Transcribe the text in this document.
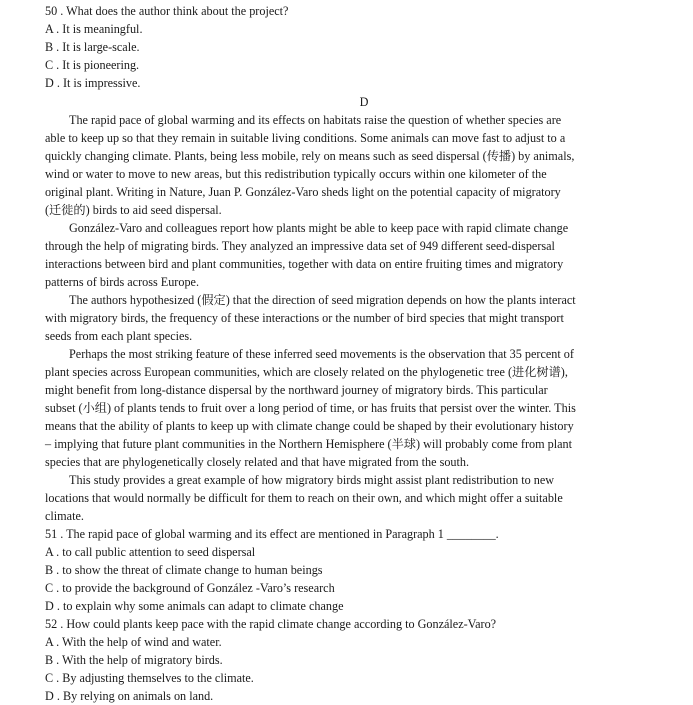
50 . What does the author think about the project?
A . It is meaningful.
B . It is large-scale.
C . It is pioneering.
D . It is impressive.
D

The rapid pace of global warming and its effects on habitats raise the question of whether species are
able to keep up so that they remain in suitable living conditions. Some animals can move fast to adjust to a
quickly changing climate. Plants, being less mobile, rely on means such as seed dispersal (传播) by animals,
wind or water to move to new areas, but this redistribution typically occurs within one kilometer of the
original plant. Writing in Nature, Juan P. González-Varo sheds light on the potential capacity of migratory
(迁徙的) birds to aid seed dispersal.

González-Varo and colleagues report how plants might be able to keep pace with rapid climate change
through the help of migrating birds. They analyzed an impressive data set of 949 different seed-dispersal
interactions between bird and plant communities, together with data on entire fruiting times and migratory
patterns of birds across Europe.

The authors hypothesized (假定) that the direction of seed migration depends on how the plants interact
with migratory birds, the frequency of these interactions or the number of bird species that might transport
seeds from each plant species.

Perhaps the most striking feature of these inferred seed movements is the observation that 35 percent of
plant species across European communities, which are closely related on the phylogenetic tree (进化树谱),
might benefit from long-distance dispersal by the northward journey of migratory birds. This particular
subset (小组) of plants tends to fruit over a long period of time, or has fruits that persist over the winter. This
means that the ability of plants to keep up with climate change could be shaped by their evolutionary history
– implying that future plant communities in the Northern Hemisphere (半球) will probably come from plant
species that are phylogenetically closely related and that have migrated from the south.

This study provides a great example of how migratory birds might assist plant redistribution to new
locations that would normally be difficult for them to reach on their own, and which might offer a suitable
climate.

51 . The rapid pace of global warming and its effect are mentioned in Paragraph 1 ________.
A . to call public attention to seed dispersal
B . to show the threat of climate change to human beings
C . to provide the background of González -Varo’s research
D . to explain why some animals can adapt to climate change
52 . How could plants keep pace with the rapid climate change according to González-Varo?
A . With the help of wind and water.
B . With the help of migratory birds.
C . By adjusting themselves to the climate.
D . By relying on animals on land.
